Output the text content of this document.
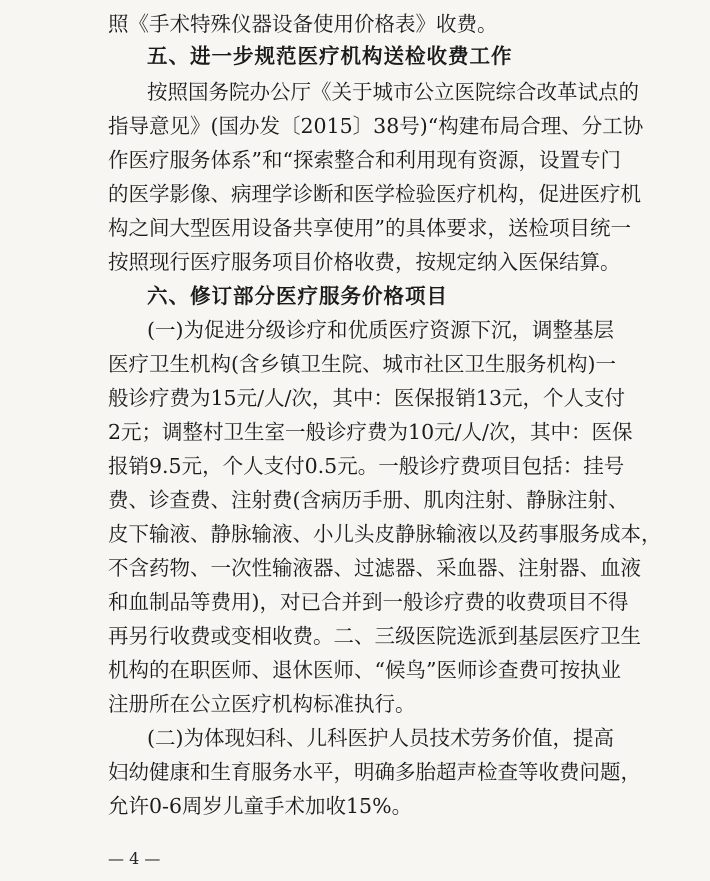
照《手术特殊仪器设备使用价格表》收费。
五、进一步规范医疗机构送检收费工作
按照国务院办公厅《关于城市公立医院综合改革试点的
指导意见》(国办发〔2015〕38号)“构建布局合理、分工协
作医疗服务体系”和“探索整合和利用现有资源，设置专门
的医学影像、病理学诊断和医学检验医疗机构，促进医疗机
构之间大型医用设备共享使用”的具体要求，送检项目统一
按照现行医疗服务项目价格收费，按规定纳入医保结算。
六、修订部分医疗服务价格项目
(一)为促进分级诊疗和优质医疗资源下沉，调整基层
医疗卫生机构(含乡镇卫生院、城市社区卫生服务机构)一
般诊疗费为15元/人/次，其中：医保报销13元，个人支付
2元；调整村卫生室一般诊疗费为10元/人/次，其中：医保
报销9.5元，个人支付0.5元。一般诊疗费项目包括：挂号
费、诊查费、注射费(含病历手册、肌肉注射、静脉注射、
皮下输液、静脉输液、小儿头皮静脉输液以及药事服务成本，
不含药物、一次性输液器、过滤器、采血器、注射器、血液
和血制品等费用)，对已合并到一般诊疗费的收费项目不得
再另行收费或变相收费。二、三级医院选派到基层医疗卫生
机构的在职医师、退休医师、“候鸟”医师诊查费可按执业
注册所在公立医疗机构标准执行。
(二)为体现妇科、儿科医护人员技术劳务价值，提高
妇幼健康和生育服务水平，明确多胎超声检查等收费问题，
允许0-6周岁儿童手术加收15%。
— 4 —
